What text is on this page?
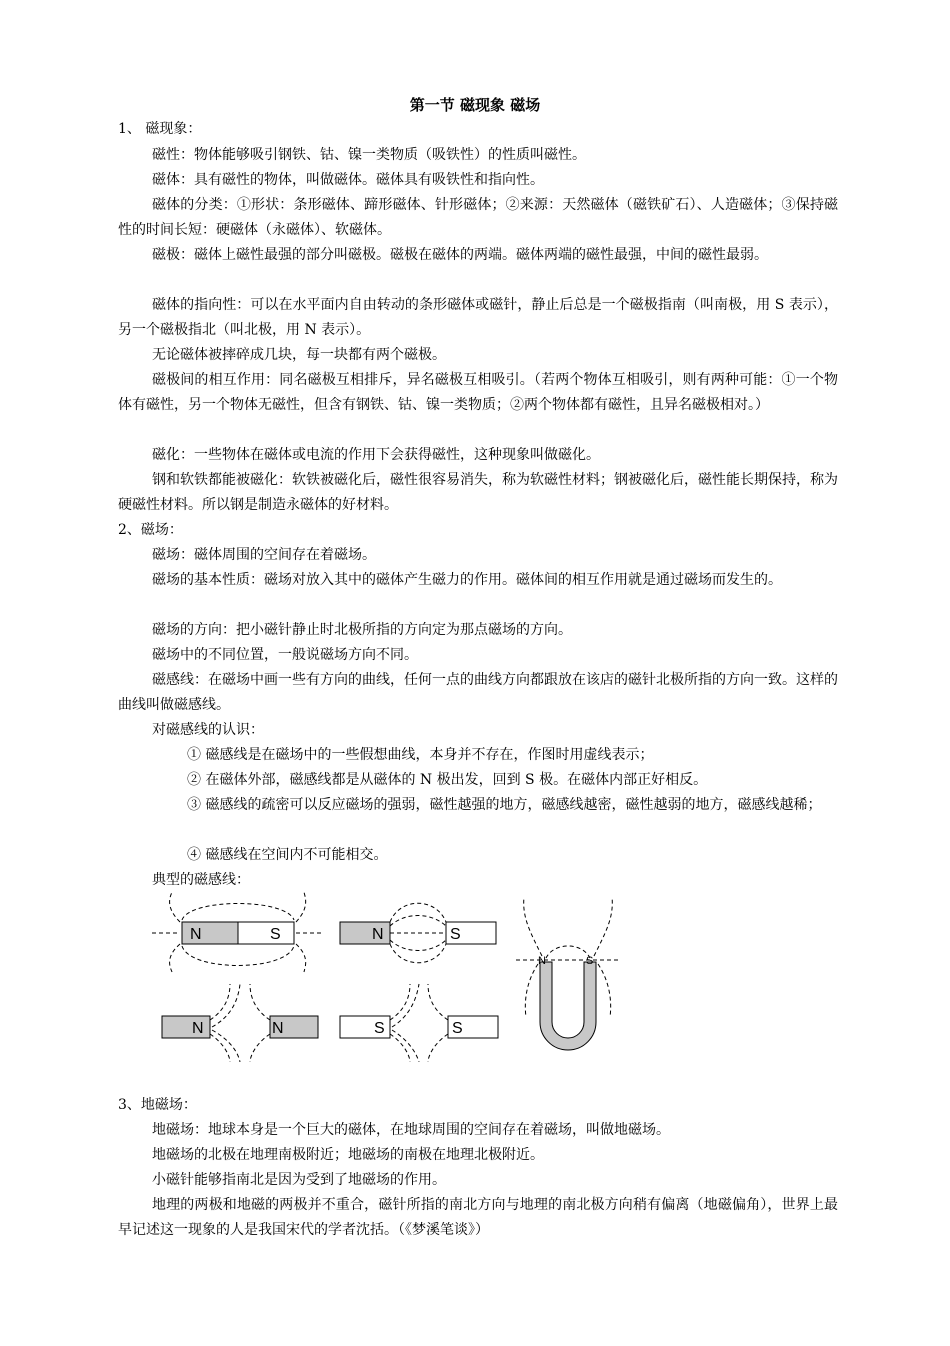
第一节 磁现象 磁场
1、 磁现象：
磁性：物体能够吸引钢铁、钴、镍一类物质（吸铁性）的性质叫磁性。
磁体：具有磁性的物体，叫做磁体。磁体具有吸铁性和指向性。
磁体的分类：①形状：条形磁体、蹄形磁体、针形磁体；②来源：天然磁体（磁铁矿石）、人造磁体；③保持磁性的时间长短：硬磁体（永磁体）、软磁体。
磁极：磁体上磁性最强的部分叫磁极。磁极在磁体的两端。磁体两端的磁性最强，中间的磁性最弱。
磁体的指向性：可以在水平面内自由转动的条形磁体或磁针，静止后总是一个磁极指南（叫南极，用 S 表示），另一个磁极指北（叫北极，用 N 表示）。
无论磁体被摔碎成几块，每一块都有两个磁极。
磁极间的相互作用：同名磁极互相排斥，异名磁极互相吸引。（若两个物体互相吸引，则有两种可能：①一个物体有磁性，另一个物体无磁性，但含有钢铁、钴、镍一类物质；②两个物体都有磁性，且异名磁极相对。）
磁化：一些物体在磁体或电流的作用下会获得磁性，这种现象叫做磁化。
钢和软铁都能被磁化：软铁被磁化后，磁性很容易消失，称为软磁性材料；钢被磁化后，磁性能长期保持，称为硬磁性材料。所以钢是制造永磁体的好材料。
2、磁场：
磁场：磁体周围的空间存在着磁场。
磁场的基本性质：磁场对放入其中的磁体产生磁力的作用。磁体间的相互作用就是通过磁场而发生的。
磁场的方向：把小磁针静止时北极所指的方向定为那点磁场的方向。
磁场中的不同位置，一般说磁场方向不同。
磁感线：在磁场中画一些有方向的曲线，任何一点的曲线方向都跟放在该店的磁针北极所指的方向一致。这样的曲线叫做磁感线。
对磁感线的认识：
① 磁感线是在磁场中的一些假想曲线，本身并不存在，作图时用虚线表示；
② 在磁体外部，磁感线都是从磁体的 N 极出发，回到 S 极。在磁体内部正好相反。
③ 磁感线的疏密可以反应磁场的强弱，磁性越强的地方，磁感线越密，磁性越弱的地方，磁感线越稀；
④ 磁感线在空间内不可能相交。
典型的磁感线：
N	S	N	S
N	S
N	N	S	S
3、地磁场：
地磁场：地球本身是一个巨大的磁体，在地球周围的空间存在着磁场，叫做地磁场。
地磁场的北极在地理南极附近；地磁场的南极在地理北极附近。
小磁针能够指南北是因为受到了地磁场的作用。
地理的两极和地磁的两极并不重合，磁针所指的南北方向与地理的南北极方向稍有偏离（地磁偏角），世界上最早记述这一现象的人是我国宋代的学者沈括。（《梦溪笔谈》）
